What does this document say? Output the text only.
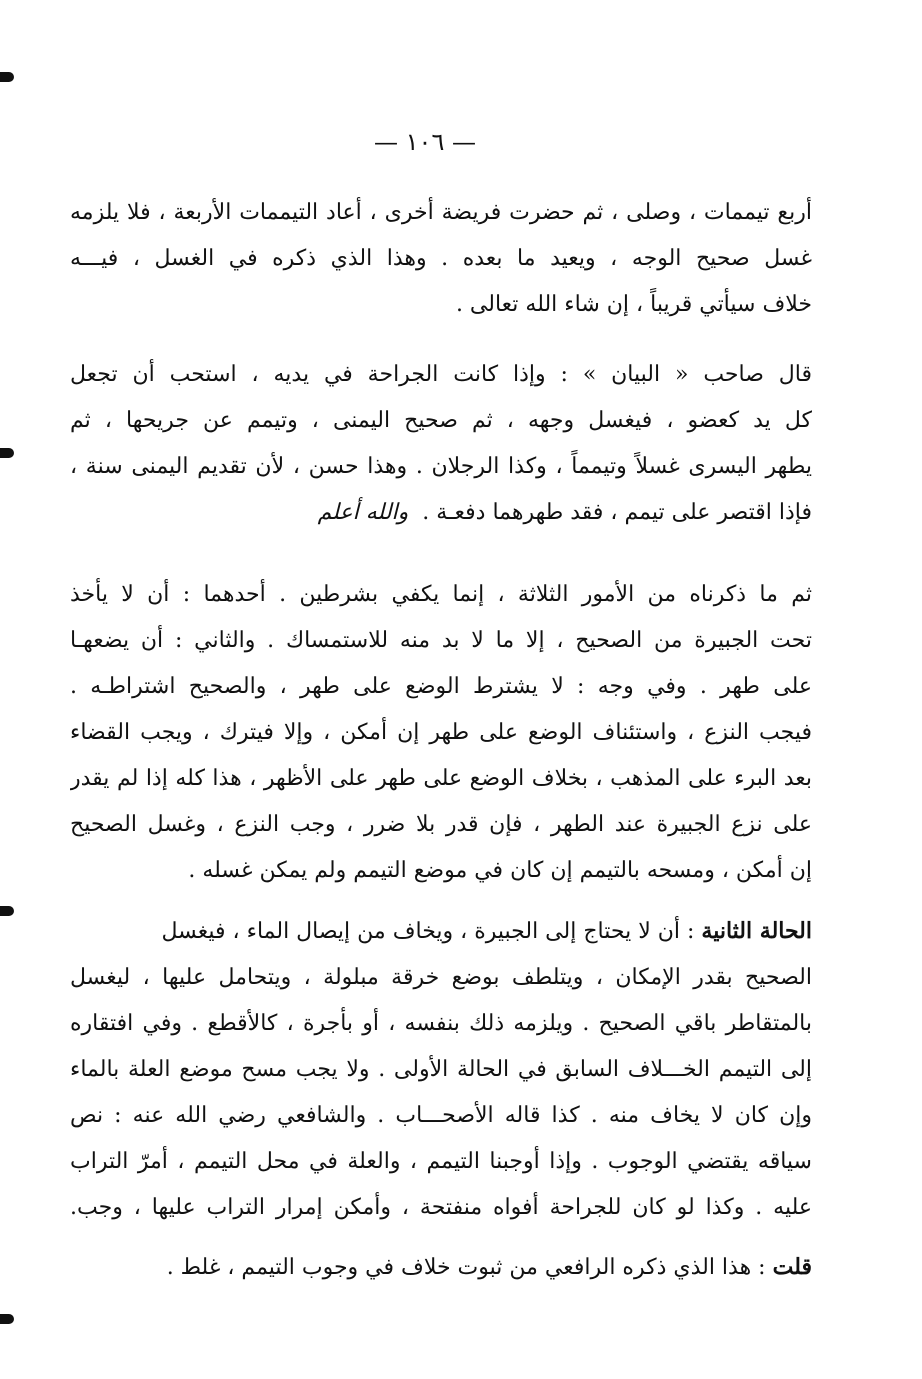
— ١٠٦ —
أربع تيممات ، وصلى ، ثم حضرت فريضة أخرى ، أعاد التيممات الأربعة ، فلا يلزمه
غسل صحيح الوجه ، ويعيد ما بعده . وهذا الذي ذكره في الغسل ، فيـــه
خلاف سيأتي قريباً ، إن شاء الله تعالى .
قال صاحب « البيان » : وإذا كانت الجراحة في يديه ، استحب أن تجعل
كل يد كعضو ، فيغسل وجهه ، ثم صحيح اليمنى ، وتيمم عن جريحها ، ثم
يطهر اليسرى غسلاً وتيمماً ، وكذا الرجلان . وهذا حسن ، لأن تقديم اليمنى سنة ،
فإذا اقتصر على تيمم ، فقد طهرهما دفعـة .والله أعلم
ثم ما ذكرناه من الأمور الثلاثة ، إنما يكفي بشرطين . أحدهما : أن لا يأخذ
تحت الجبيرة من الصحيح ، إلا ما لا بد منه للاستمساك . والثاني : أن يضعهـا
على طهر . وفي وجه : لا يشترط الوضع على طهر ، والصحيح اشتراطـه .
فيجب النزع ، واستئناف الوضع على طهر إن أمكن ، وإلا فيترك ، ويجب القضاء
بعد البرء على المذهب ، بخلاف الوضع على طهر على الأظهر ، هذا كله إذا لم يقدر
على نزع الجبيرة عند الطهر ، فإن قدر بلا ضرر ، وجب النزع ، وغسل الصحيح
إن أمكن ، ومسحه بالتيمم إن كان في موضع التيمم ولم يمكن غسله .
الحالة الثانية : أن لا يحتاج إلى الجبيرة ، ويخاف من إيصال الماء ، فيغسل
الصحيح بقدر الإمكان ، ويتلطف بوضع خرقة مبلولة ، ويتحامل عليها ، ليغسل
بالمتقاطر باقي الصحيح . ويلزمه ذلك بنفسه ، أو بأجرة ، كالأقطع . وفي افتقاره
إلى التيمم الخـــلاف السابق في الحالة الأولى . ولا يجب مسح موضع العلة بالماء
وإن كان لا يخاف منه . كذا قاله الأصحـــاب . والشافعي رضي الله عنه : نص
سياقه يقتضي الوجوب . وإذا أوجبنا التيمم ، والعلة في محل التيمم ، أمرّ التراب
عليه . وكذا لو كان للجراحة أفواه منفتحة ، وأمكن إمرار التراب عليها ، وجب.
قلت : هذا الذي ذكره الرافعي من ثبوت خلاف في وجوب التيمم ، غلط .
